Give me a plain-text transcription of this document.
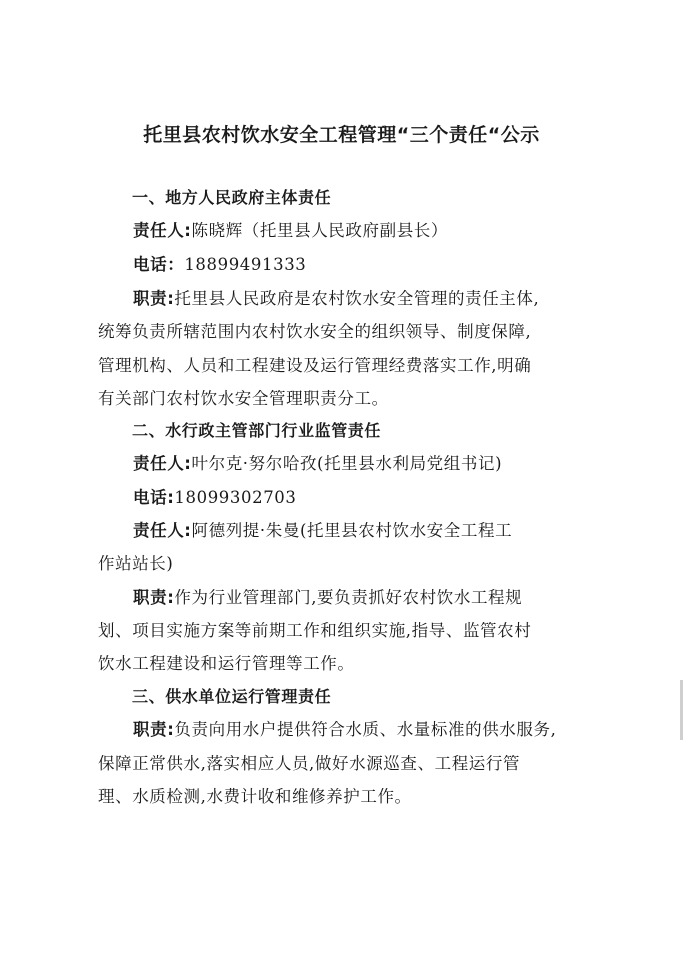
托里县农村饮水安全工程管理“三个责任“公示
一、地方人民政府主体责任
责任人:陈晓辉（托里县人民政府副县长）
电话：18899491333
职责:托里县人民政府是农村饮水安全管理的责任主体,
统筹负责所辖范围内农村饮水安全的组织领导、制度保障,
管理机构、人员和工程建设及运行管理经费落实工作,明确
有关部门农村饮水安全管理职责分工。
二、水行政主管部门行业监管责任
责任人:叶尔克·努尔哈孜(托里县水利局党组书记)
电话:18099302703
责任人:阿德列提·朱曼(托里县农村饮水安全工程工
作站站长)
职责:作为行业管理部门,要负责抓好农村饮水工程规
划、项目实施方案等前期工作和组织实施,指导、监管农村
饮水工程建设和运行管理等工作。
三、供水单位运行管理责任
职责:负责向用水户提供符合水质、水量标准的供水服务,
保障正常供水,落实相应人员,做好水源巡查、工程运行管
理、水质检测,水费计收和维修养护工作。
